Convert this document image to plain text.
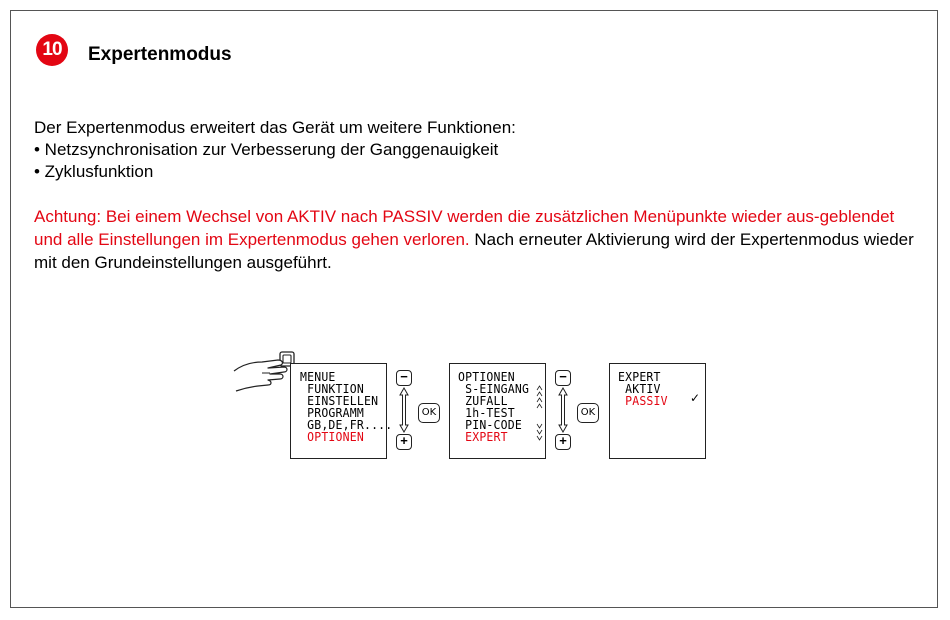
10	Expertenmodus
Der Expertenmodus erweitert das Gerät um weitere Funktionen:
• Netzsynchronisation zur Verbesserung der Ganggenauigkeit
• Zyklusfunktion
Achtung: Bei einem Wechsel von AKTIV nach PASSIV werden die zusätzlichen Menüpunkte wieder aus-geblendet und alle Einstellungen im Expertenmodus gehen verloren. Nach erneuter Aktivierung wird der Expertenmodus wieder mit den Grundeinstellungen ausgeführt.
MENUE
FUNKTION
EINSTELLEN
PROGRAMM
GB,DE,FR....
OPTIONEN
−
+
OK
OPTIONEN
S-EINGANG
ZUFALL
1h-TEST
PIN-CODE
EXPERT
−
+
OK
EXPERT
AKTIV
PASSIV ✓
